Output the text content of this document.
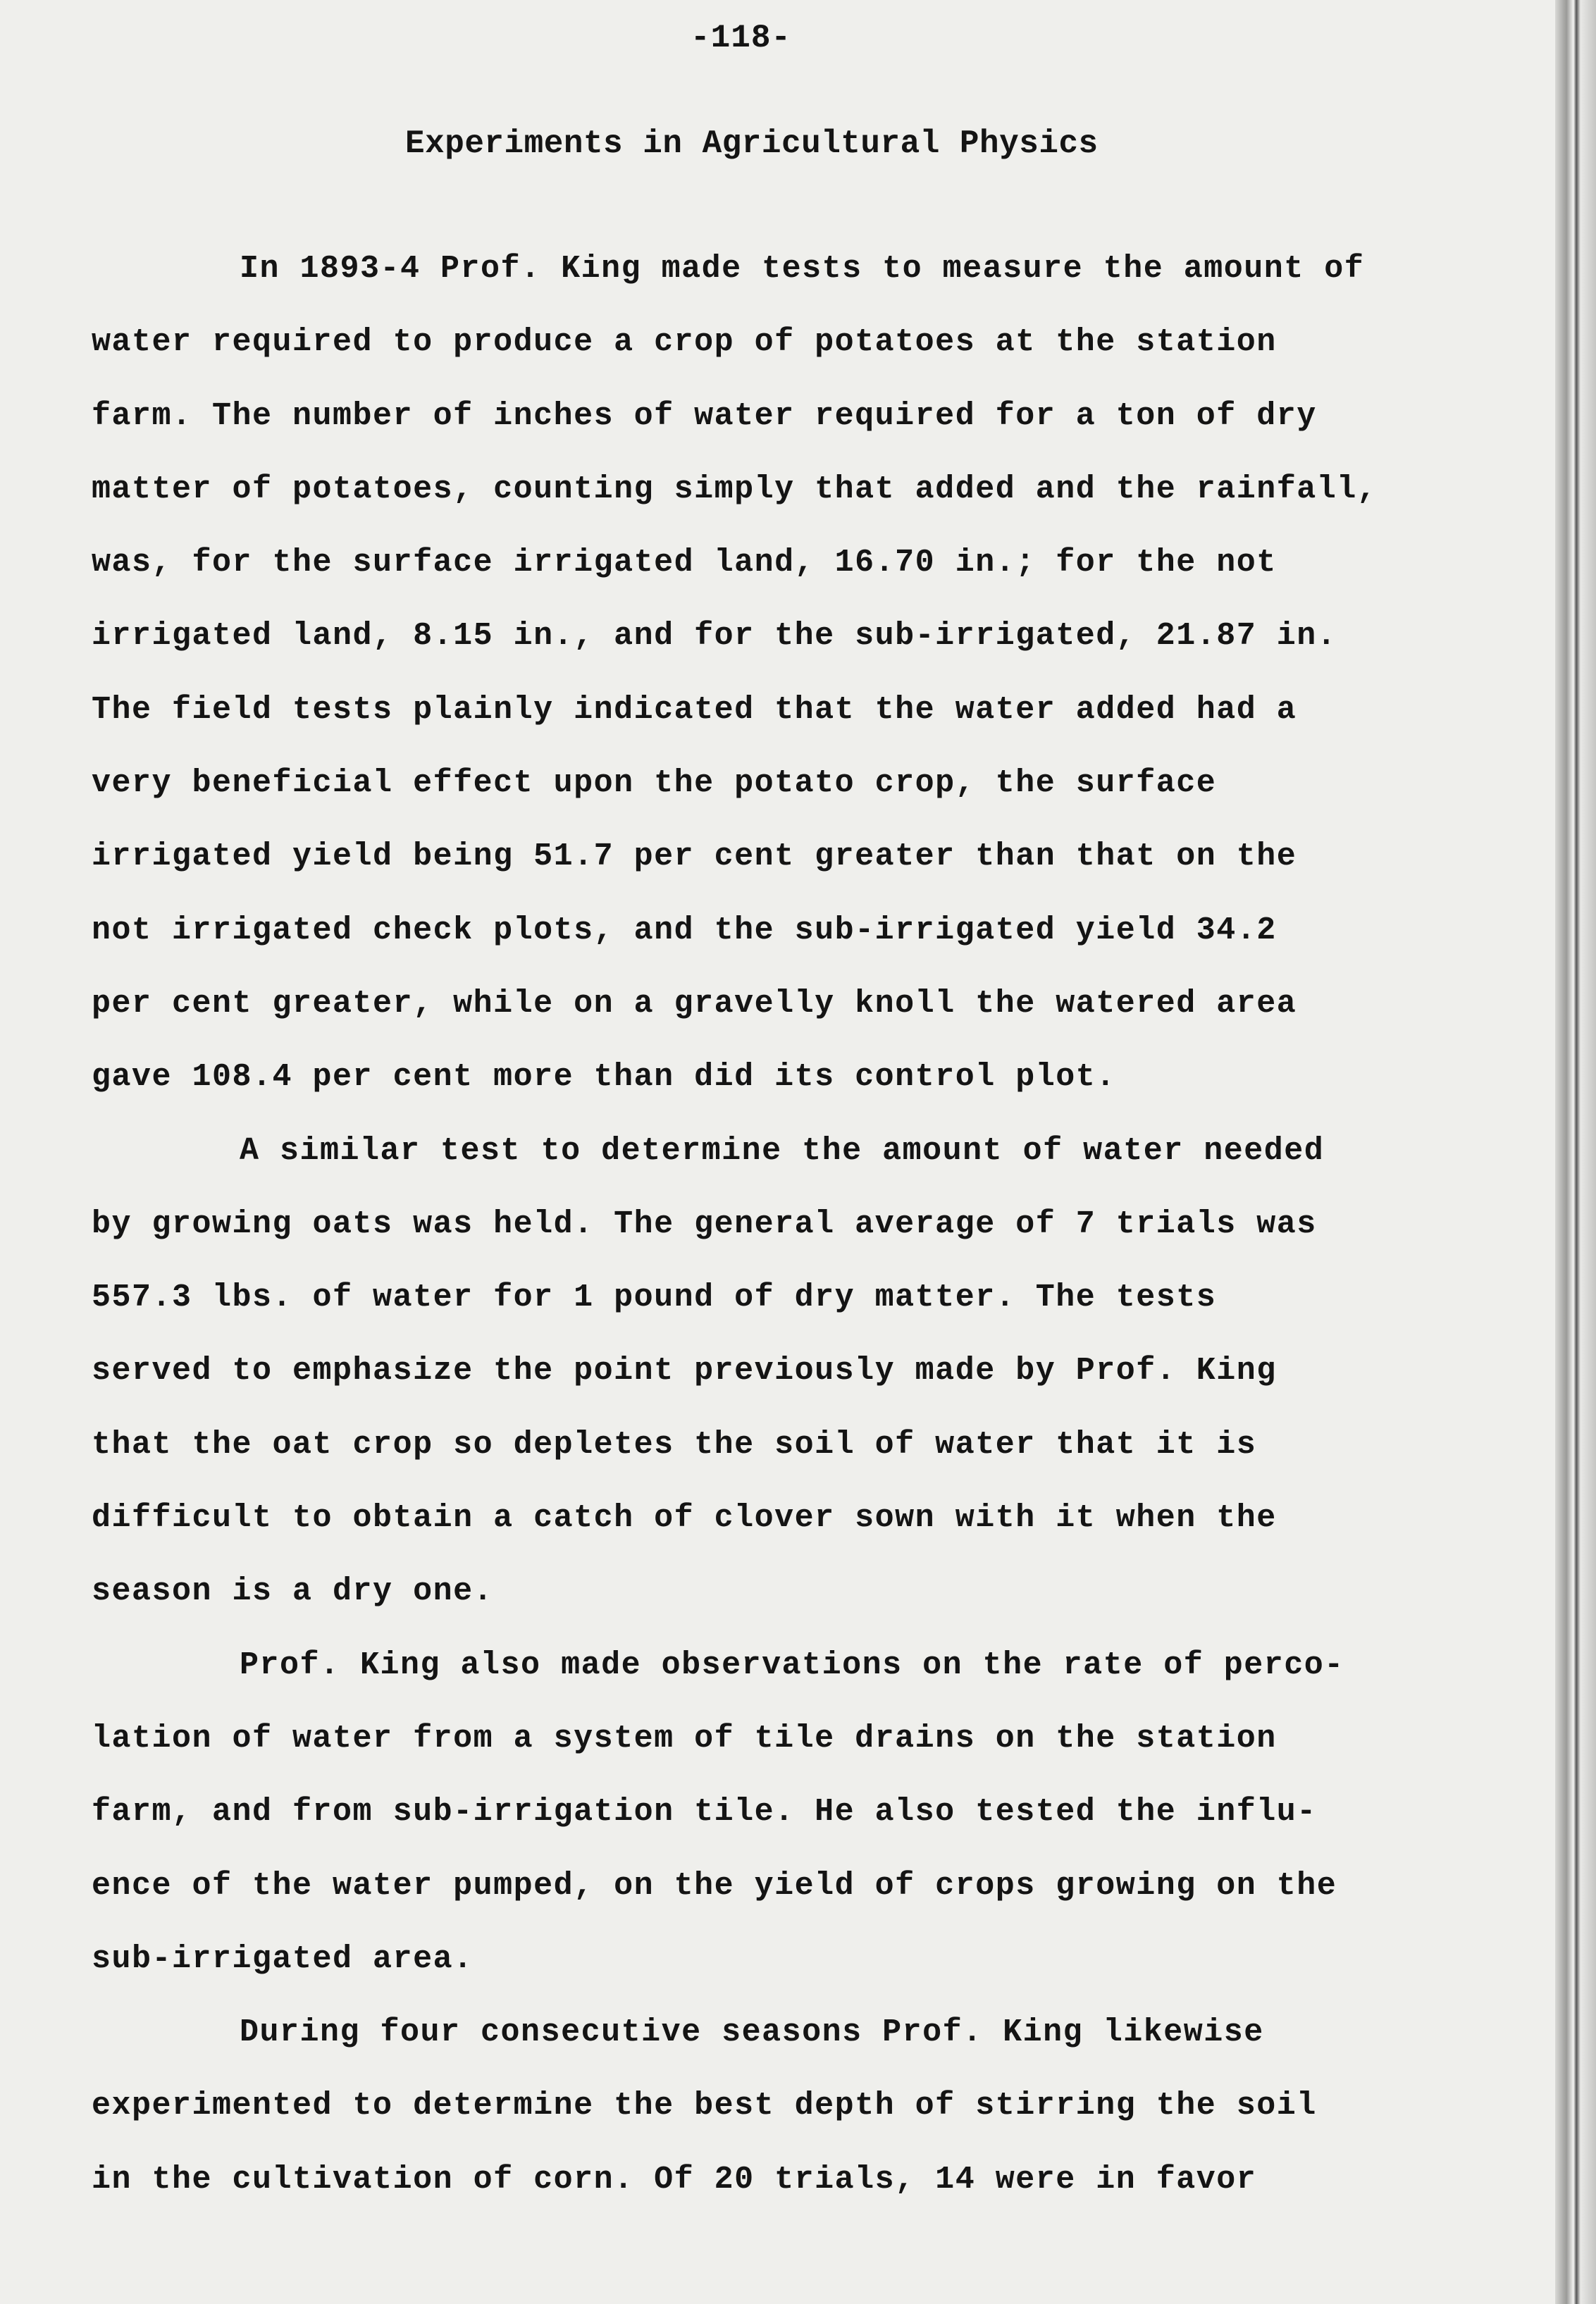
-118-
Experiments in Agricultural Physics
In 1893-4 Prof. King made tests to measure the amount of
water required to produce a crop of potatoes at the station
farm. The number of inches of water required for a ton of dry
matter of potatoes, counting simply that added and the rainfall,
was, for the surface irrigated land, 16.70 in.; for the not
irrigated land, 8.15 in., and for the sub-irrigated, 21.87 in.
The field tests plainly indicated that the water added had a
very beneficial effect upon the potato crop, the surface
irrigated yield being 51.7 per cent greater than that on the
not irrigated check plots, and the sub-irrigated yield 34.2
per cent greater, while on a gravelly knoll the watered area
gave 108.4 per cent more than did its control plot.
A similar test to determine the amount of water needed
by growing oats was held. The general average of 7 trials was
557.3 lbs. of water for 1 pound of dry matter. The tests
served to emphasize the point previously made by Prof. King
that the oat crop so depletes the soil of water that it is
difficult to obtain a catch of clover sown with it when the
season is a dry one.
Prof. King also made observations on the rate of perco-
lation of water from a system of tile drains on the station
farm, and from sub-irrigation tile. He also tested the influ-
ence of the water pumped, on the yield of crops growing on the
sub-irrigated area.
During four consecutive seasons Prof. King likewise
experimented to determine the best depth of stirring the soil
in the cultivation of corn. Of 20 trials, 14 were in favor
